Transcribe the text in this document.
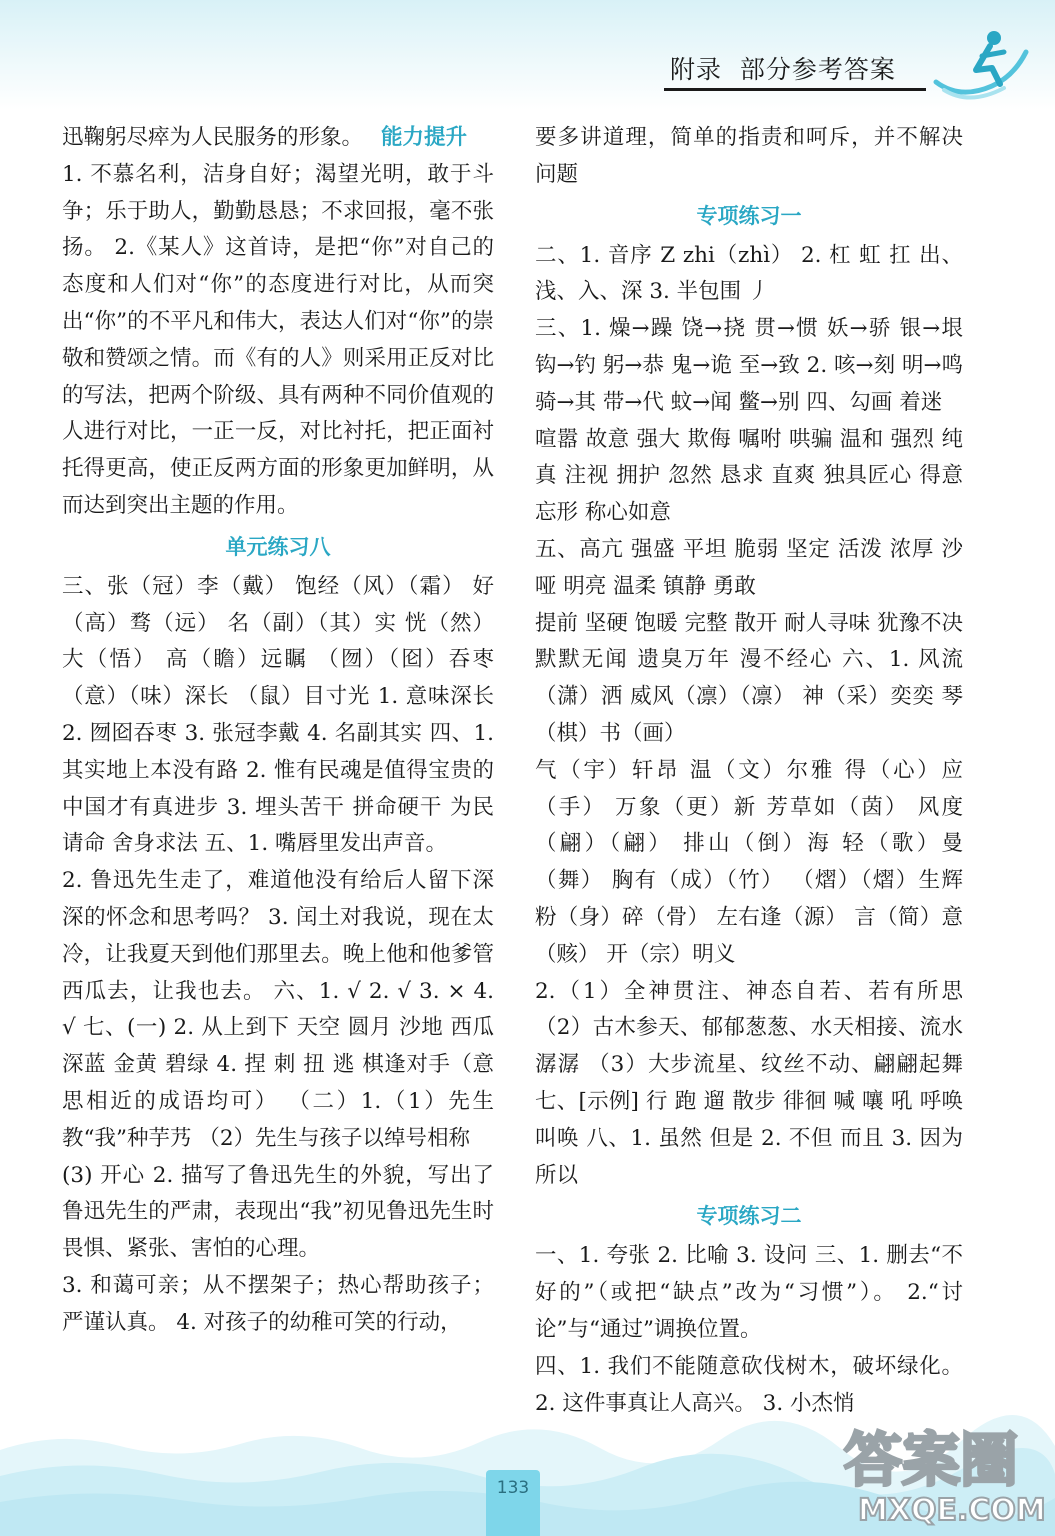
附录  部分参考答案

迅鞠躬尽瘁为人民服务的形象。 能力提升

1. 不慕名利，洁身自好；渴望光明，敢于斗争；乐于助人，勤勤恳恳；不求回报，毫不张扬。 2.《某人》这首诗，是把“你”对自己的态度和人们对“你”的态度进行对比，从而突出“你”的不平凡和伟大，表达人们对“你”的崇敬和赞颂之情。而《有的人》则采用正反对比的写法，把两个阶级、具有两种不同价值观的人进行对比，一正一反，对比衬托，把正面衬托得更高，使正反两方面的形象更加鲜明，从而达到突出主题的作用。

单元练习八

三、张（冠）李（戴） 饱经（风）（霜） 好（高）骛（远） 名（副）（其）实 恍（然）大（悟） 高（瞻）远瞩 （囫）（囵）吞枣 （意）（味）深长 （鼠）目寸光 1. 意味深长 2. 囫囵吞枣 3. 张冠李戴 4. 名副其实 四、1. 其实地上本没有路 2. 惟有民魂是值得宝贵的 中国才有真进步 3. 埋头苦干 拼命硬干 为民请命 舍身求法 五、1. 嘴唇里发出声音。

2. 鲁迅先生走了，难道他没有给后人留下深深的怀念和思考吗？ 3. 闰土对我说，现在太冷，让我夏天到他们那里去。晚上他和他爹管西瓜去，让我也去。 六、1. √ 2. √ 3. × 4. √ 七、(一) 2. 从上到下 天空 圆月 沙地 西瓜 深蓝 金黄 碧绿 4. 捏 刺 扭 逃 棋逢对手（意思相近的成语均可） （二）1.（1）先生教“我”种芋艿 （2）先生与孩子以绰号相称

(3) 开心 2. 描写了鲁迅先生的外貌，写出了鲁迅先生的严肃，表现出“我”初见鲁迅先生时畏惧、紧张、害怕的心理。

3. 和蔼可亲；从不摆架子；热心帮助孩子；严谨认真。 4. 对孩子的幼稚可笑的行动，

要多讲道理，简单的指责和呵斥，并不解决问题

专项练习一

二、1. 音序 Z zhi（zhì） 2. 杠 虹 扛 出、浅、入、深 3. 半包围 丿

三、1. 燥→躁 饶→挠 贯→惯 妖→骄 银→垠 钩→钓 躬→恭 鬼→诡 至→致 2. 咳→刻 明→鸣 骑→其 带→代 蚊→闻 鳖→别 四、勾画 着迷

喧嚣 故意 强大 欺侮 嘱咐 哄骗 温和 强烈 纯真 注视 拥护 忽然 恳求 直爽 独具匠心 得意忘形 称心如意

五、高亢 强盛 平坦 脆弱 坚定 活泼 浓厚 沙哑 明亮 温柔 镇静 勇敢

提前 坚硬 饱暖 完整 散开 耐人寻味 犹豫不决 默默无闻 遗臭万年 漫不经心 六、1. 风流（潇）洒 威风（凛）（凛） 神（采）奕奕 琴（棋）书（画）

气（宇）轩昂 温（文）尔雅 得（心）应（手） 万象（更）新 芳草如（茵） 风度（翩）（翩） 排山（倒）海 轻（歌）曼（舞） 胸有（成）（竹） （熠）（熠）生辉 粉（身）碎（骨） 左右逢（源） 言（简）意（赅） 开（宗）明义

2.（1）全神贯注、神态自若、若有所思 （2）古木参天、郁郁葱葱、水天相接、流水潺潺 （3）大步流星、纹丝不动、翩翩起舞 七、[示例] 行 跑 遛 散步 徘徊 喊 嚷 吼 呼唤 叫唤 八、1. 虽然 但是 2. 不但 而且 3. 因为 所以

专项练习二

一、1. 夸张 2. 比喻 3. 设问 三、1. 删去“不好的”（或把“缺点”改为“习惯”）。 2.“讨论”与“通过”调换位置。

四、1. 我们不能随意砍伐树木，破坏绿化。 2. 这件事真让人高兴。 3. 小杰悄

133	答案圈
MXQE.COM
